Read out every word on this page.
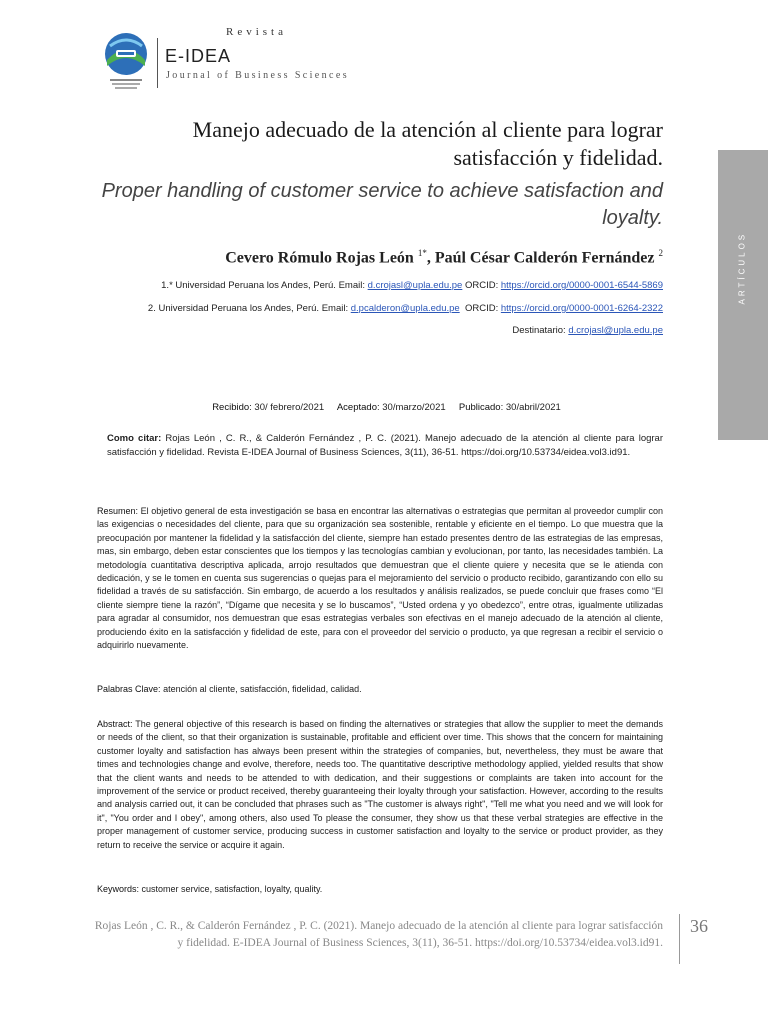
Revista
E-IDEA
Journal of Business Sciences
ARTÍCULOS
Manejo adecuado de la atención al cliente para lograr satisfacción y fidelidad.
Proper handling of customer service to achieve satisfaction and loyalty.
Cevero Rómulo Rojas León $^{1*}$, Paúl César Calderón Fernández $^2$
1.* Universidad Peruana los Andes, Perú. Email: d.crojasl@upla.edu.pe ORCID: https://orcid.org/0000-0001-6544-5869
2. Universidad Peruana los Andes, Perú. Email: d.pcalderon@upla.edu.pe ORCID: https://orcid.org/0000-0001-6264-2322
Destinatario: d.crojasl@upla.edu.pe
Recibido: 30/ febrero/2021 Aceptado: 30/marzo/2021 Publicado: 30/abril/2021
Como citar: Rojas León , C. R., & Calderón Fernández , P. C. (2021). Manejo adecuado de la atención al cliente para lograr satisfacción y fidelidad. Revista E-IDEA Journal of Business Sciences, 3(11), 36-51. https://doi.org/10.53734/eidea.vol3.id91.
Resumen: El objetivo general de esta investigación se basa en encontrar las alternativas o estrategias que permitan al proveedor cumplir con las exigencias o necesidades del cliente, para que su organización sea sostenible, rentable y eficiente en el tiempo. Lo que muestra que la preocupación por mantener la fidelidad y la satisfacción del cliente, siempre han estado presentes dentro de las estrategias de las empresas, mas, sin embargo, deben estar conscientes que los tiempos y las tecnologías cambian y evolucionan, por tanto, las necesidades también. La metodología cuantitativa descriptiva aplicada, arrojo resultados que demuestran que el cliente quiere y necesita que se le atienda con dedicación, y se le tomen en cuenta sus sugerencias o quejas para el mejoramiento del servicio o producto recibido, garantizando con ello su fidelidad a través de su satisfacción. Sin embargo, de acuerdo a los resultados y análisis realizados, se puede concluir que frases como “El cliente siempre tiene la razón”, “Dígame que necesita y se lo buscamos”, “Usted ordena y yo obedezco”, entre otras, igualmente utilizadas para agradar al consumidor, nos demuestran que esas estrategias verbales son efectivas en el manejo adecuado de la atención al cliente, produciendo éxito en la satisfacción y fidelidad de este, para con el proveedor del servicio o producto, ya que regresan a recibir el servicio o adquirirlo nuevamente.
Palabras Clave: atención al cliente, satisfacción, fidelidad, calidad.
Abstract: The general objective of this research is based on finding the alternatives or strategies that allow the supplier to meet the demands or needs of the client, so that their organization is sustainable, profitable and efficient over time. This shows that the concern for maintaining customer loyalty and satisfaction has always been present within the strategies of companies, but, nevertheless, they must be aware that times and technologies change and evolve, therefore, needs too. The quantitative descriptive methodology applied, yielded results that show that the client wants and needs to be attended to with dedication, and their suggestions or complaints are taken into account for the improvement of the service or product received, thereby guaranteeing their loyalty through your satisfaction. However, according to the results and analysis carried out, it can be concluded that phrases such as "The customer is always right", "Tell me what you need and we will look for it", "You order and I obey", among others, also used To please the consumer, they show us that these verbal strategies are effective in the proper management of customer service, producing success in customer satisfaction and loyalty to the service or product provider, as they return to receive the service or acquire it again.
Keywords: customer service, satisfaction, loyalty, quality.
Rojas León , C. R., & Calderón Fernández , P. C. (2021). Manejo adecuado de la atención al cliente para lograr satisfacción y fidelidad. E-IDEA Journal of Business Sciences, 3(11), 36-51. https://doi.org/10.53734/eidea.vol3.id91.
36
